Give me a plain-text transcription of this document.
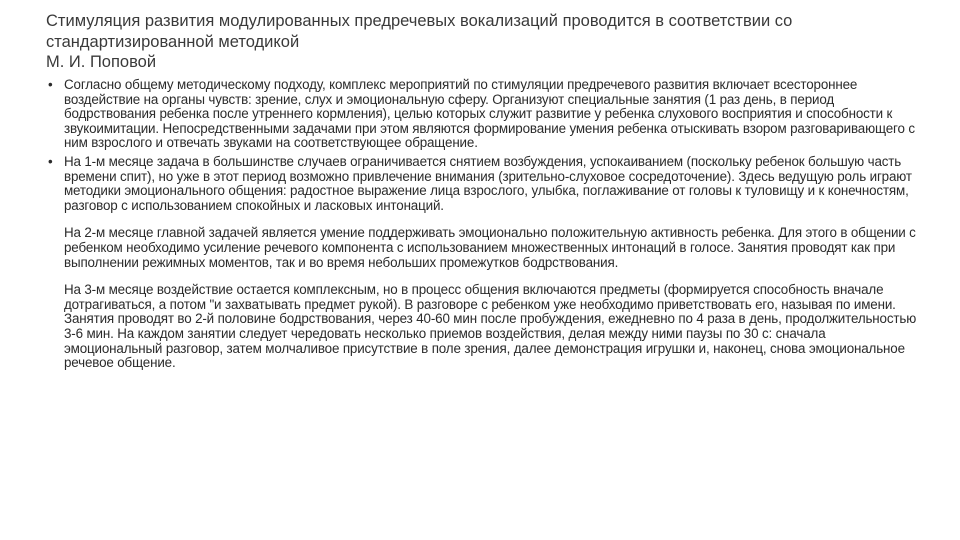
Стимуляция развития модулированных предречевых вокализаций проводится в соответствии со
стандартизированной методикой
М. И. Поповой
• Согласно общему методическому подходу, комплекс мероприятий по стимуляции предречевого развития включает всестороннее воздействие на органы чувств: зрение, слух и эмоциональную сферу. Организуют специальные занятия (1 раз день, в период бодрствования ребенка после утреннего кормления), целью которых служит развитие у ребенка слухового восприятия и способности к звукоимитации. Непосредственными задачами при этом являются формирование умения ребенка отыскивать взором разговаривающего с ним взрослого и отвечать звуками на соответствующее обращение.
• На 1-м месяце задача в большинстве случаев ограничивается снятием возбуждения, успокаиванием (поскольку ребенок большую часть времени спит), но уже в этот период возможно привлечение внимания (зрительно-слуховое сосредоточение). Здесь ведущую роль играют методики эмоционального общения: радостное выражение лица взрослого, улыбка, поглаживание от головы к туловищу и к конечностям, разговор с использованием спокойных и ласковых интонаций.
На 2-м месяце главной задачей является умение поддерживать эмоционально положительную активность ребенка. Для этого в общении с ребенком необходимо усиление речевого компонента с использованием множественных интонаций в голосе. Занятия проводят как при выполнении режимных моментов, так и во время небольших промежутков бодрствования.
На 3-м месяце воздействие остается комплексным, но в процесс общения включаются предметы (формируется способность вначале дотрагиваться, а потом "и захватывать предмет рукой). В разговоре с ребенком уже необходимо приветствовать его, называя по имени. Занятия проводят во 2-й половине бодрствования, через 40-60 мин после пробуждения, ежедневно по 4 раза в день, продолжительностью 3-6 мин. На каждом занятии следует чередовать несколько приемов воздействия, делая между ними паузы по 30 с: сначала эмоциональный разговор, затем молчаливое присутствие в поле зрения, далее демонстрация игрушки и, наконец, снова эмоциональное речевое общение.
